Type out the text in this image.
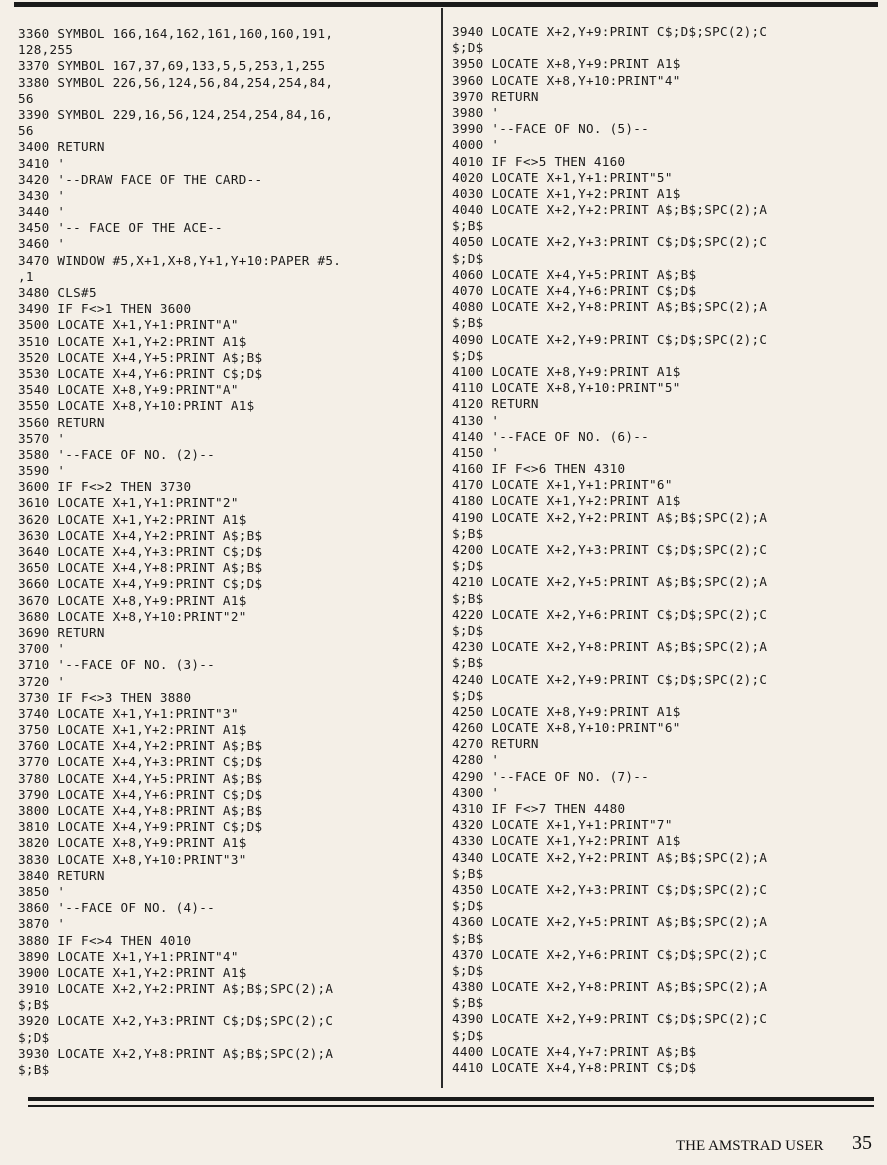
3360 SYMBOL 166,164,162,161,160,160,191,
128,255
3370 SYMBOL 167,37,69,133,5,5,253,1,255
3380 SYMBOL 226,56,124,56,84,254,254,84,
56
3390 SYMBOL 229,16,56,124,254,254,84,16,
56
3400 RETURN
3410 '
3420 '--DRAW FACE OF THE CARD--
3430 '
3440 '
3450 '-- FACE OF THE ACE--
3460 '
3470 WINDOW #5,X+1,X+8,Y+1,Y+10:PAPER #5.
,1
3480 CLS#5
3490 IF F<>1 THEN 3600
3500 LOCATE X+1,Y+1:PRINT"A"
3510 LOCATE X+1,Y+2:PRINT A1$
3520 LOCATE X+4,Y+5:PRINT A$;B$
3530 LOCATE X+4,Y+6:PRINT C$;D$
3540 LOCATE X+8,Y+9:PRINT"A"
3550 LOCATE X+8,Y+10:PRINT A1$
3560 RETURN
3570 '
3580 '--FACE OF NO. (2)--
3590 '
3600 IF F<>2 THEN 3730
3610 LOCATE X+1,Y+1:PRINT"2"
3620 LOCATE X+1,Y+2:PRINT A1$
3630 LOCATE X+4,Y+2:PRINT A$;B$
3640 LOCATE X+4,Y+3:PRINT C$;D$
3650 LOCATE X+4,Y+8:PRINT A$;B$
3660 LOCATE X+4,Y+9:PRINT C$;D$
3670 LOCATE X+8,Y+9:PRINT A1$
3680 LOCATE X+8,Y+10:PRINT"2"
3690 RETURN
3700 '
3710 '--FACE OF NO. (3)--
3720 '
3730 IF F<>3 THEN 3880
3740 LOCATE X+1,Y+1:PRINT"3"
3750 LOCATE X+1,Y+2:PRINT A1$
3760 LOCATE X+4,Y+2:PRINT A$;B$
3770 LOCATE X+4,Y+3:PRINT C$;D$
3780 LOCATE X+4,Y+5:PRINT A$;B$
3790 LOCATE X+4,Y+6:PRINT C$;D$
3800 LOCATE X+4,Y+8:PRINT A$;B$
3810 LOCATE X+4,Y+9:PRINT C$;D$
3820 LOCATE X+8,Y+9:PRINT A1$
3830 LOCATE X+8,Y+10:PRINT"3"
3840 RETURN
3850 '
3860 '--FACE OF NO. (4)--
3870 '
3880 IF F<>4 THEN 4010
3890 LOCATE X+1,Y+1:PRINT"4"
3900 LOCATE X+1,Y+2:PRINT A1$
3910 LOCATE X+2,Y+2:PRINT A$;B$;SPC(2);A
$;B$
3920 LOCATE X+2,Y+3:PRINT C$;D$;SPC(2);C
$;D$
3930 LOCATE X+2,Y+8:PRINT A$;B$;SPC(2);A
$;B$
3940 LOCATE X+2,Y+9:PRINT C$;D$;SPC(2);C
$;D$
3950 LOCATE X+8,Y+9:PRINT A1$
3960 LOCATE X+8,Y+10:PRINT"4"
3970 RETURN
3980 '
3990 '--FACE OF NO. (5)--
4000 '
4010 IF F<>5 THEN 4160
4020 LOCATE X+1,Y+1:PRINT"5"
4030 LOCATE X+1,Y+2:PRINT A1$
4040 LOCATE X+2,Y+2:PRINT A$;B$;SPC(2);A
$;B$
4050 LOCATE X+2,Y+3:PRINT C$;D$;SPC(2);C
$;D$
4060 LOCATE X+4,Y+5:PRINT A$;B$
4070 LOCATE X+4,Y+6:PRINT C$;D$
4080 LOCATE X+2,Y+8:PRINT A$;B$;SPC(2);A
$;B$
4090 LOCATE X+2,Y+9:PRINT C$;D$;SPC(2);C
$;D$
4100 LOCATE X+8,Y+9:PRINT A1$
4110 LOCATE X+8,Y+10:PRINT"5"
4120 RETURN
4130 '
4140 '--FACE OF NO. (6)--
4150 '
4160 IF F<>6 THEN 4310
4170 LOCATE X+1,Y+1:PRINT"6"
4180 LOCATE X+1,Y+2:PRINT A1$
4190 LOCATE X+2,Y+2:PRINT A$;B$;SPC(2);A
$;B$
4200 LOCATE X+2,Y+3:PRINT C$;D$;SPC(2);C
$;D$
4210 LOCATE X+2,Y+5:PRINT A$;B$;SPC(2);A
$;B$
4220 LOCATE X+2,Y+6:PRINT C$;D$;SPC(2);C
$;D$
4230 LOCATE X+2,Y+8:PRINT A$;B$;SPC(2);A
$;B$
4240 LOCATE X+2,Y+9:PRINT C$;D$;SPC(2);C
$;D$
4250 LOCATE X+8,Y+9:PRINT A1$
4260 LOCATE X+8,Y+10:PRINT"6"
4270 RETURN
4280 '
4290 '--FACE OF NO. (7)--
4300 '
4310 IF F<>7 THEN 4480
4320 LOCATE X+1,Y+1:PRINT"7"
4330 LOCATE X+1,Y+2:PRINT A1$
4340 LOCATE X+2,Y+2:PRINT A$;B$;SPC(2);A
$;B$
4350 LOCATE X+2,Y+3:PRINT C$;D$;SPC(2);C
$;D$
4360 LOCATE X+2,Y+5:PRINT A$;B$;SPC(2);A
$;B$
4370 LOCATE X+2,Y+6:PRINT C$;D$;SPC(2);C
$;D$
4380 LOCATE X+2,Y+8:PRINT A$;B$;SPC(2);A
$;B$
4390 LOCATE X+2,Y+9:PRINT C$;D$;SPC(2);C
$;D$
4400 LOCATE X+4,Y+7:PRINT A$;B$
4410 LOCATE X+4,Y+8:PRINT C$;D$
THE AMSTRAD USER 35
